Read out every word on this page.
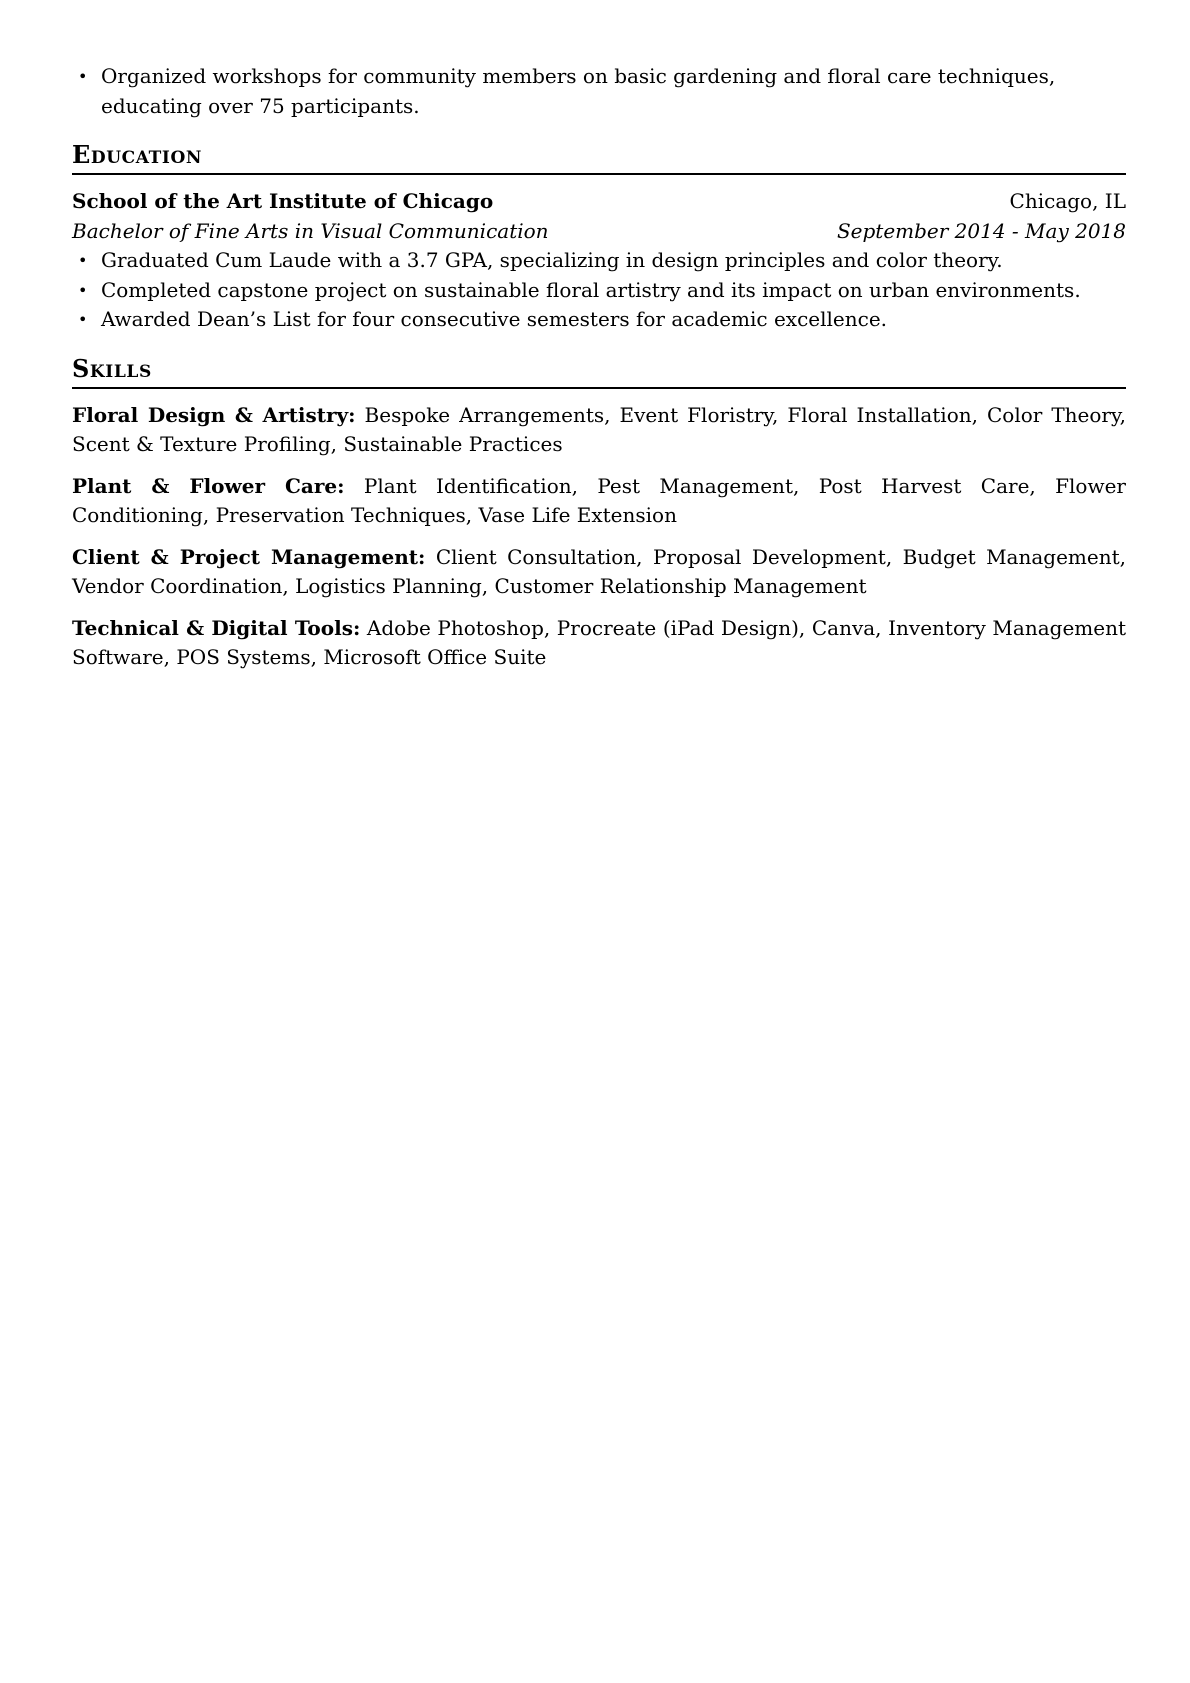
• Organized workshops for community members on basic gardening and floral care techniques, educating over 75 participants.
Education
School of the Art Institute of Chicago	Chicago, IL
Bachelor of Fine Arts in Visual Communication	September 2014 - May 2018
• Graduated Cum Laude with a 3.7 GPA, specializing in design principles and color theory.
• Completed capstone project on sustainable floral artistry and its impact on urban environments.
• Awarded Dean’s List for four consecutive semesters for academic excellence.
Skills

Floral Design & Artistry: Bespoke Arrangements, Event Floristry, Floral Installation, Color Theory, Scent & Texture Profiling, Sustainable Practices

Plant & Flower Care: Plant Identification, Pest Management, Post Harvest Care, Flower Conditioning, Preservation Techniques, Vase Life Extension

Client & Project Management: Client Consultation, Proposal Development, Budget Management, Vendor Coordination, Logistics Planning, Customer Relationship Management

Technical & Digital Tools: Adobe Photoshop, Procreate (iPad Design), Canva, Inventory Management Software, POS Systems, Microsoft Office Suite
